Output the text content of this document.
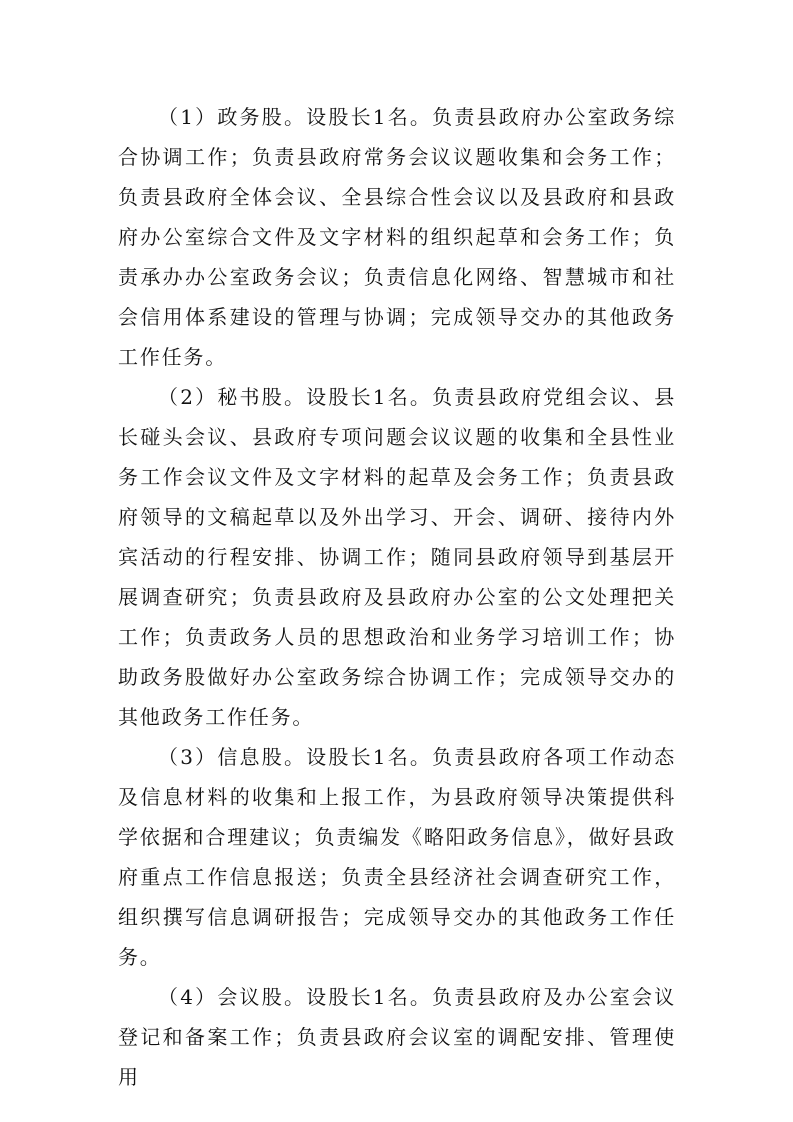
（1）政务股。设股长1名。负责县政府办公室政务综合协调工作；负责县政府常务会议议题收集和会务工作；负责县政府全体会议、全县综合性会议以及县政府和县政府办公室综合文件及文字材料的组织起草和会务工作；负责承办办公室政务会议；负责信息化网络、智慧城市和社会信用体系建设的管理与协调；完成领导交办的其他政务工作任务。

（2）秘书股。设股长1名。负责县政府党组会议、县长碰头会议、县政府专项问题会议议题的收集和全县性业务工作会议文件及文字材料的起草及会务工作；负责县政府领导的文稿起草以及外出学习、开会、调研、接待内外宾活动的行程安排、协调工作；随同县政府领导到基层开展调查研究；负责县政府及县政府办公室的公文处理把关工作；负责政务人员的思想政治和业务学习培训工作；协助政务股做好办公室政务综合协调工作；完成领导交办的其他政务工作任务。

（3）信息股。设股长1名。负责县政府各项工作动态及信息材料的收集和上报工作，为县政府领导决策提供科学依据和合理建议；负责编发《略阳政务信息》，做好县政府重点工作信息报送；负责全县经济社会调查研究工作，组织撰写信息调研报告；完成领导交办的其他政务工作任务。

（4）会议股。设股长1名。负责县政府及办公室会议登记和备案工作；负责县政府会议室的调配安排、管理使用
